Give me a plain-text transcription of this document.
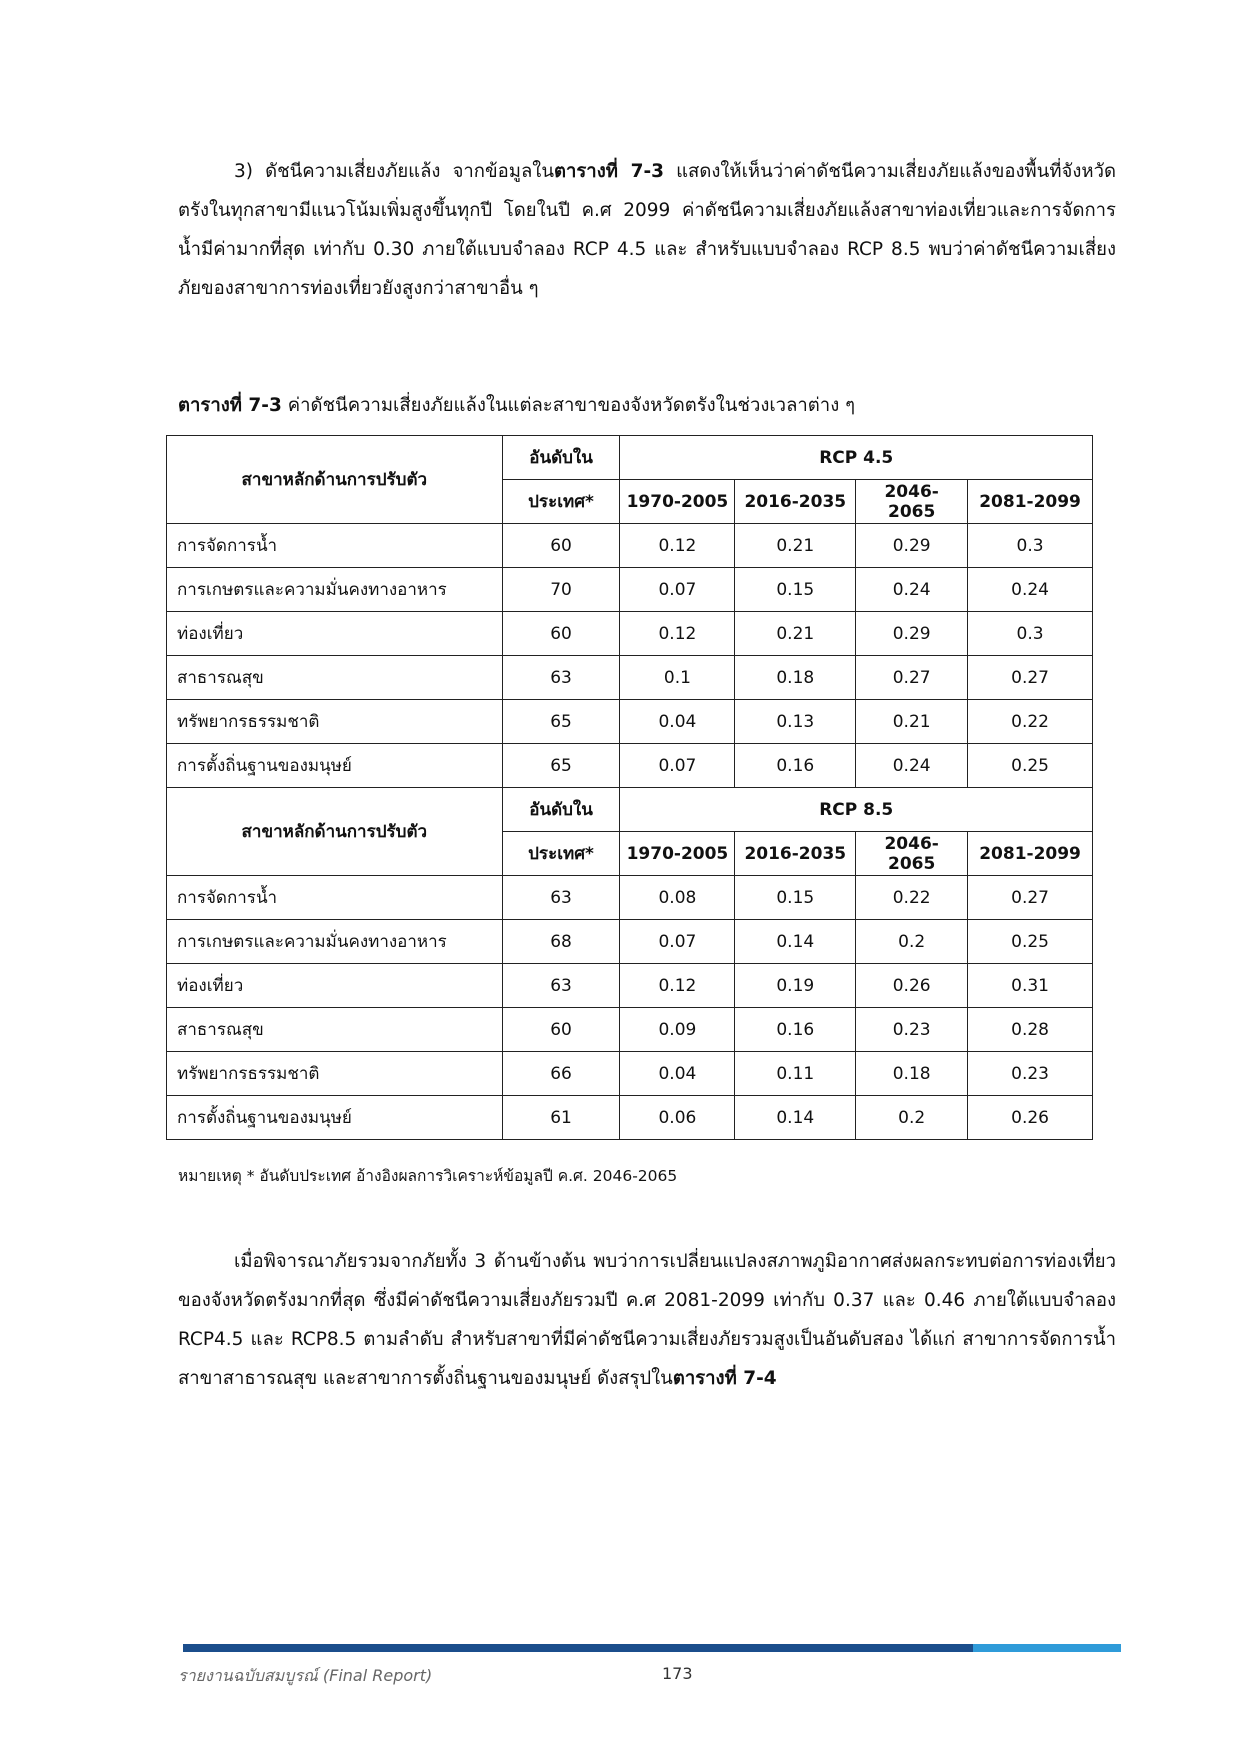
3) ดัชนีความเสี่ยงภัยแล้ง จากข้อมูลในตารางที่ 7-3 แสดงให้เห็นว่าค่าดัชนีความเสี่ยงภัยแล้งของพื้นที่จังหวัดตรังในทุกสาขามีแนวโน้มเพิ่มสูงขึ้นทุกปี โดยในปี ค.ศ 2099 ค่าดัชนีความเสี่ยงภัยแล้งสาขาท่องเที่ยวและการจัดการน้ำมีค่ามากที่สุด เท่ากับ 0.30 ภายใต้แบบจำลอง RCP 4.5 และ สำหรับแบบจำลอง RCP 8.5 พบว่าค่าดัชนีความเสี่ยงภัยของสาขาการท่องเที่ยวยังสูงกว่าสาขาอื่น ๆ

ตารางที่ 7-3 ค่าดัชนีความเสี่ยงภัยแล้งในแต่ละสาขาของจังหวัดตรังในช่วงเวลาต่าง ๆ
สาขาหลักด้านการปรับตัว	อันดับใน	RCP 4.5			
	ประเทศ*	1970-2005	2016-2035	2046-2065	2081-2099
การจัดการน้ำ	60	0.12	0.21	0.29	0.3
การเกษตรและความมั่นคงทางอาหาร	70	0.07	0.15	0.24	0.24
ท่องเที่ยว	60	0.12	0.21	0.29	0.3
สาธารณสุข	63	0.1	0.18	0.27	0.27
ทรัพยากรธรรมชาติ	65	0.04	0.13	0.21	0.22
การตั้งถิ่นฐานของมนุษย์	65	0.07	0.16	0.24	0.25
สาขาหลักด้านการปรับตัว	อันดับใน	RCP 8.5			
	ประเทศ*	1970-2005	2016-2035	2046-2065	2081-2099
การจัดการน้ำ	63	0.08	0.15	0.22	0.27
การเกษตรและความมั่นคงทางอาหาร	68	0.07	0.14	0.2	0.25
ท่องเที่ยว	63	0.12	0.19	0.26	0.31
สาธารณสุข	60	0.09	0.16	0.23	0.28
ทรัพยากรธรรมชาติ	66	0.04	0.11	0.18	0.23
การตั้งถิ่นฐานของมนุษย์	61	0.06	0.14	0.2	0.26
หมายเหตุ * อันดับประเทศ อ้างอิงผลการวิเคราะห์ข้อมูลปี ค.ศ. 2046-2065

เมื่อพิจารณาภัยรวมจากภัยทั้ง 3 ด้านข้างต้น พบว่าการเปลี่ยนแปลงสภาพภูมิอากาศส่งผลกระทบต่อการท่องเที่ยวของจังหวัดตรังมากที่สุด ซึ่งมีค่าดัชนีความเสี่ยงภัยรวมปี ค.ศ 2081-2099 เท่ากับ 0.37 และ 0.46 ภายใต้แบบจำลอง RCP4.5 และ RCP8.5 ตามลำดับ สำหรับสาขาที่มีค่าดัชนีความเสี่ยงภัยรวมสูงเป็นอันดับสอง ได้แก่ สาขาการจัดการน้ำ สาขาสาธารณสุข และสาขาการตั้งถิ่นฐานของมนุษย์ ดังสรุปในตารางที่ 7-4

รายงานฉบับสมบูรณ์ (Final Report)	173
